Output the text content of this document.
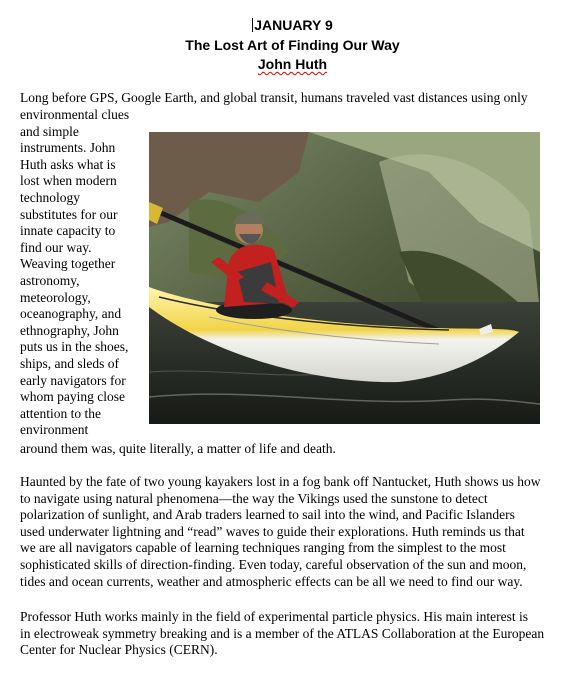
JANUARY 9
The Lost Art of Finding Our Way
John Huth
Long before GPS, Google Earth, and global transit, humans traveled vast distances using only
environmental clues
and simple
instruments. John
Huth asks what is
lost when modern
technology
substitutes for our
innate capacity to
find our way.
Weaving together
astronomy,
meteorology,
oceanography, and
ethnography, John
puts us in the shoes,
ships, and sleds of
early navigators for
whom paying close
attention to the
environment
around them was, quite literally, a matter of life and death.
Haunted by the fate of two young kayakers lost in a fog bank off Nantucket, Huth shows us how
to navigate using natural phenomena—the way the Vikings used the sunstone to detect
polarization of sunlight, and Arab traders learned to sail into the wind, and Pacific Islanders
used underwater lightning and “read” waves to guide their explorations. Huth reminds us that
we are all navigators capable of learning techniques ranging from the simplest to the most
sophisticated skills of direction-finding. Even today, careful observation of the sun and moon,
tides and ocean currents, weather and atmospheric effects can be all we need to find our way.
Professor Huth works mainly in the field of experimental particle physics. His main interest is
in electroweak symmetry breaking and is a member of the ATLAS Collaboration at the European
Center for Nuclear Physics (CERN).
